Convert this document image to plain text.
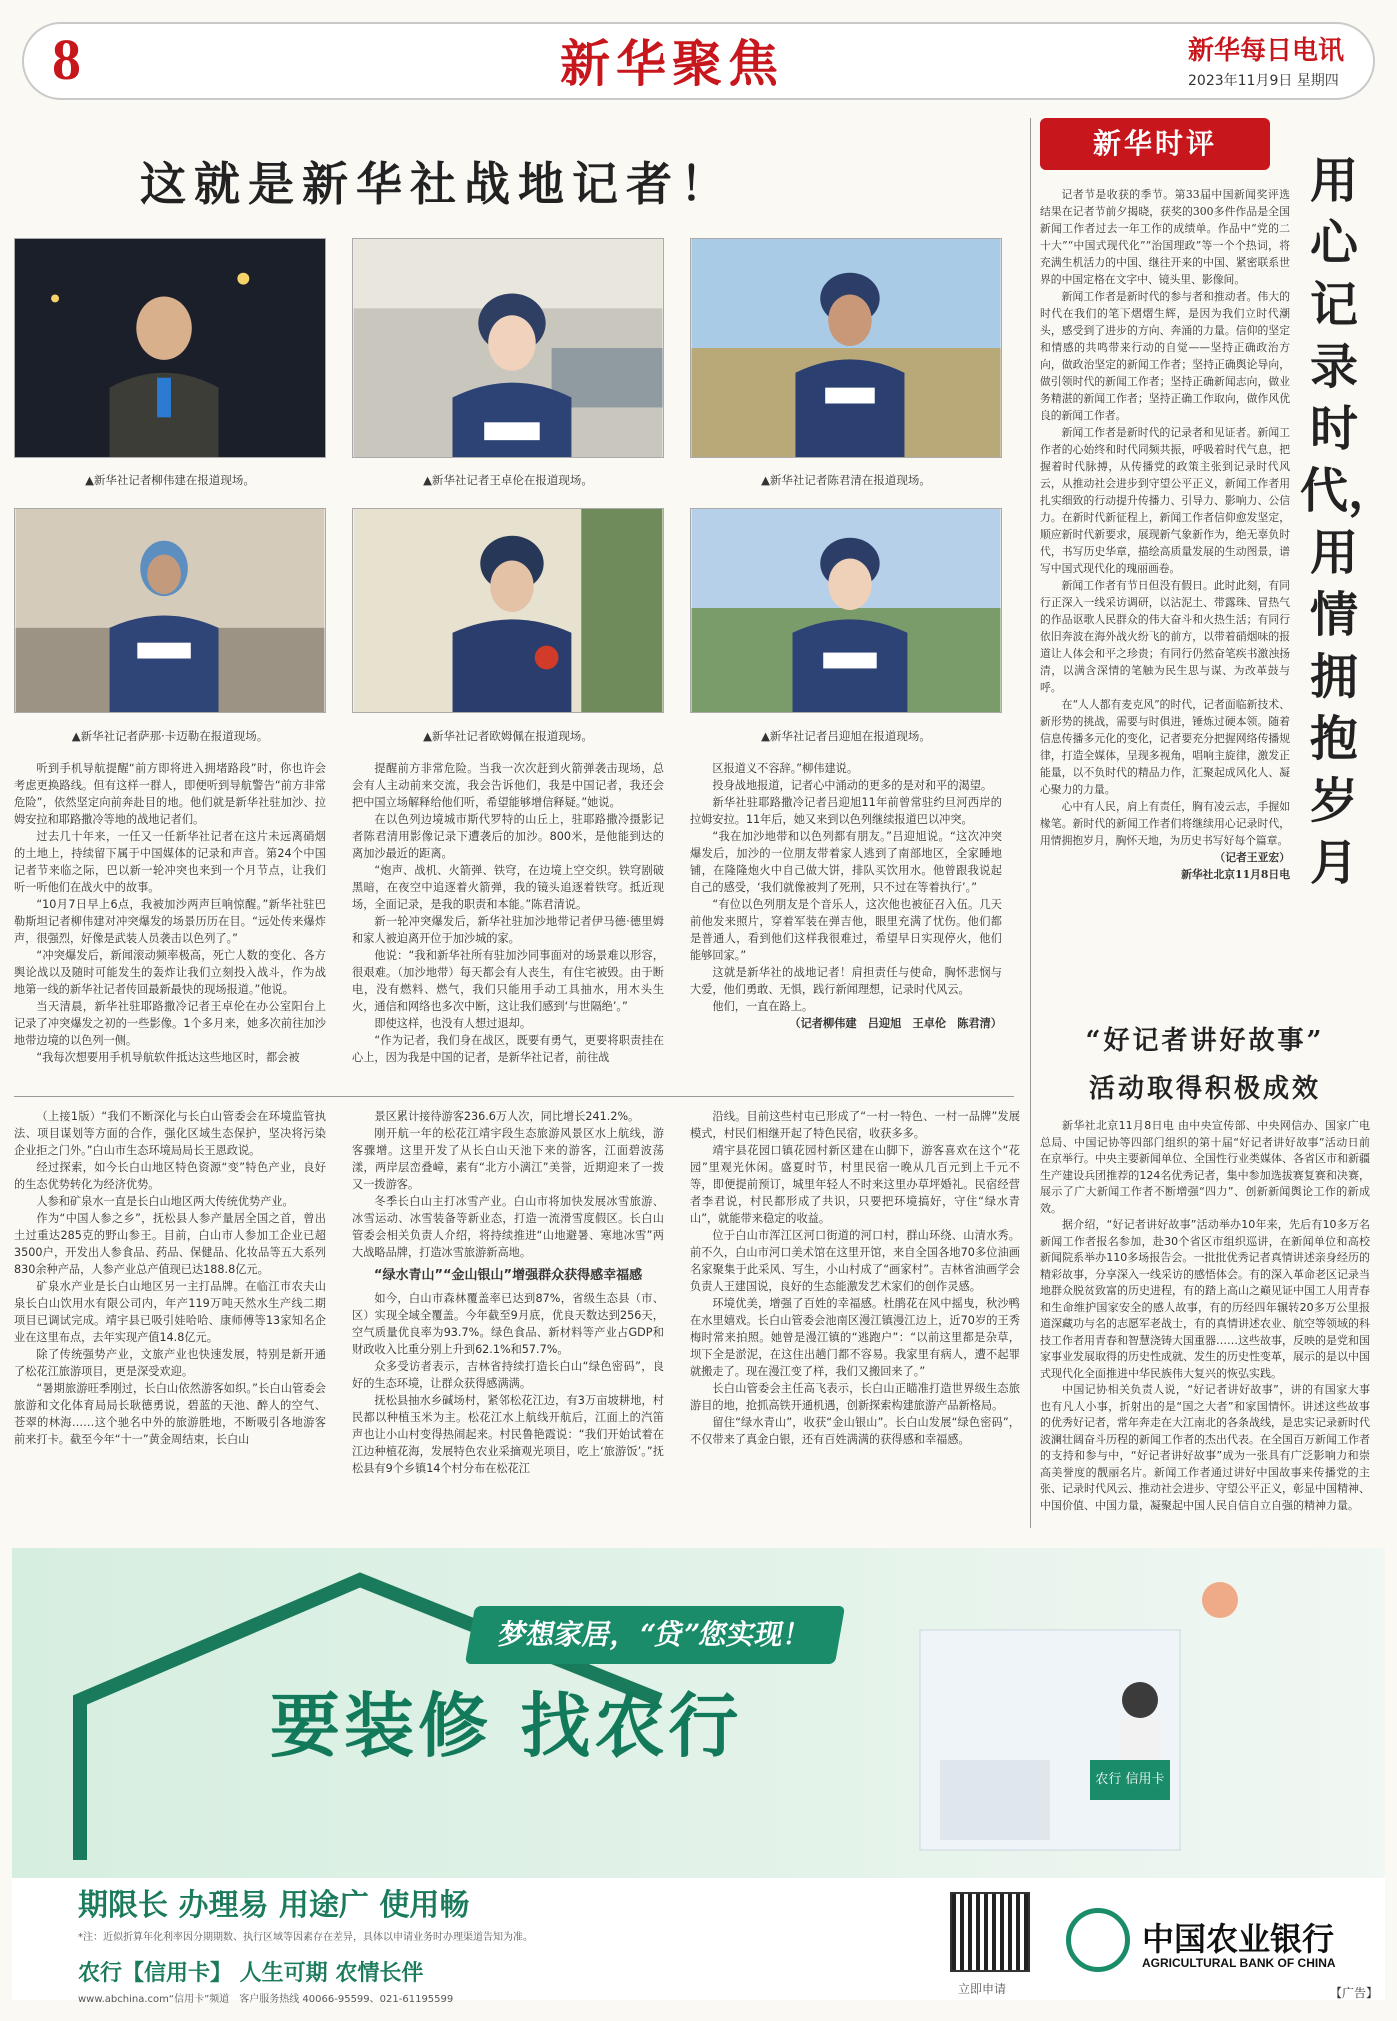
8	新华聚焦	新华每日电讯
2023年11月9日 星期四
这就是新华社战地记者！
▲新华社记者柳伟建在报道现场。	▲新华社记者王卓伦在报道现场。	▲新华社记者陈君清在报道现场。
▲新华社记者萨那·卡迈勒在报道现场。	▲新华社记者欧姆佩在报道现场。	▲新华社记者吕迎旭在报道现场。

听到手机导航提醒“前方即将进入拥堵路段”时，你也许会考虑更换路线。但有这样一群人，即便听到导航警告“前方非常危险”，依然坚定向前奔赴目的地。他们就是新华社驻加沙、拉姆安拉和耶路撒冷等地的战地记者们。

过去几十年来，一任又一任新华社记者在这片未远离硝烟的土地上，持续留下属于中国媒体的记录和声音。第24个中国记者节来临之际，巴以新一轮冲突也来到一个月节点，让我们听一听他们在战火中的故事。

“10月7日早上6点，我被加沙两声巨响惊醒。”新华社驻巴勒斯坦记者柳伟建对冲突爆发的场景历历在目。“远处传来爆炸声，很强烈，好像是武装人员袭击以色列了。”

“冲突爆发后，新闻滚动频率极高，死亡人数的变化、各方舆论战以及随时可能发生的轰炸让我们立刻投入战斗，作为战地第一线的新华社记者传回最新最快的现场报道。”他说。

当天清晨，新华社驻耶路撒冷记者王卓伦在办公室阳台上记录了冲突爆发之初的一些影像。1个多月来，她多次前往加沙地带边境的以色列一侧。

“我每次想要用手机导航软件抵达这些地区时，都会被

提醒前方非常危险。当我一次次赶到火箭弹袭击现场，总会有人主动前来交流，我会告诉他们，我是中国记者，我还会把中国立场解释给他们听，希望能够增信释疑。”她说。

在以色列边境城市斯代罗特的山丘上，驻耶路撒冷摄影记者陈君清用影像记录下遭袭后的加沙。800米，是他能到达的离加沙最近的距离。

“炮声、战机、火箭弹、铁穹，在边境上空交织。铁穹剧破黑暗，在夜空中追逐着火箭弹，我的镜头追逐着铁穹。抵近现场，全面记录，是我的职责和本能。”陈君清说。

新一轮冲突爆发后，新华社驻加沙地带记者伊马德·德里姆和家人被迫离开位于加沙城的家。

他说：“我和新华社所有驻加沙同事面对的场景难以形容，很艰难。（加沙地带）每天都会有人丧生，有住宅被毁。由于断电，没有燃料、燃气，我们只能用手动工具抽水，用木头生火，通信和网络也多次中断，这让我们感到‘与世隔绝’。”

即使这样，也没有人想过退却。

“作为记者，我们身在战区，既要有勇气，更要将职责挂在心上，因为我是中国的记者，是新华社记者，前往战

区报道义不容辞。”柳伟建说。

投身战地报道，记者心中涌动的更多的是对和平的渴望。

新华社驻耶路撒冷记者吕迎旭11年前曾常驻约旦河西岸的拉姆安拉。11年后，她又来到以色列继续报道巴以冲突。

“我在加沙地带和以色列都有朋友。”吕迎旭说。“这次冲突爆发后，加沙的一位朋友带着家人逃到了南部地区，全家睡地铺，在隆隆炮火中自己做大饼，排队买饮用水。他曾跟我说起自己的感受，‘我们就像被判了死刑，只不过在等着执行’。”

“有位以色列朋友是个音乐人，这次他也被征召入伍。几天前他发来照片，穿着军装在弹吉他，眼里充满了忧伤。他们都是普通人，看到他们这样我很难过，希望早日实现停火，他们能够回家。”

这就是新华社的战地记者！肩担责任与使命，胸怀悲悯与大爱，他们勇敢、无惧，践行新闻理想，记录时代风云。

他们，一直在路上。

（记者柳伟建　吕迎旭　王卓伦　陈君清）

新华时评
用心记录时代，用情拥抱岁月

记者节是收获的季节。第33届中国新闻奖评选结果在记者节前夕揭晓，获奖的300多件作品是全国新闻工作者过去一年工作的成绩单。作品中“党的二十大”“中国式现代化”“治国理政”等一个个热词，将充满生机活力的中国、继往开来的中国、紧密联系世界的中国定格在文字中、镜头里、影像间。

新闻工作者是新时代的参与者和推动者。伟大的时代在我们的笔下熠熠生辉，是因为我们立时代潮头，感受到了进步的方向、奔涌的力量。信仰的坚定和情感的共鸣带来行动的自觉——坚持正确政治方向，做政治坚定的新闻工作者；坚持正确舆论导向，做引领时代的新闻工作者；坚持正确新闻志向，做业务精湛的新闻工作者；坚持正确工作取向，做作风优良的新闻工作者。

新闻工作者是新时代的记录者和见证者。新闻工作者的心始终和时代同频共振，呼吸着时代气息，把握着时代脉搏，从传播党的政策主张到记录时代风云，从推动社会进步到守望公平正义，新闻工作者用扎实细致的行动提升传播力、引导力、影响力、公信力。在新时代新征程上，新闻工作者信仰愈发坚定，顺应新时代新要求，展现新气象新作为，绝无辜负时代，书写历史华章，描绘高质量发展的生动图景，谱写中国式现代化的瑰丽画卷。

新闻工作者有节日但没有假日。此时此刻，有同行正深入一线采访调研，以沾泥土、带露珠、冒热气的作品讴歌人民群众的伟大奋斗和火热生活；有同行依旧奔波在海外战火纷飞的前方，以带着硝烟味的报道让人体会和平之珍贵；有同行仍然奋笔疾书激浊扬清，以满含深情的笔触为民生思与谋、为改革鼓与呼。

在“人人都有麦克风”的时代，记者面临新技术、新形势的挑战，需要与时俱进，锤炼过硬本领。随着信息传播多元化的变化，记者要充分把握网络传播规律，打造全媒体，呈现多视角，唱响主旋律，激发正能量，以不负时代的精品力作，汇聚起成风化人、凝心聚力的力量。

心中有人民，肩上有责任，胸有凌云志，手握如椽笔。新时代的新闻工作者们将继续用心记录时代，用情拥抱岁月，胸怀天地，为历史书写好每个篇章。

（记者王亚宏）

新华社北京11月8日电

“好记者讲好故事”
活动取得积极成效

新华社北京11月8日电 由中央宣传部、中央网信办、国家广电总局、中国记协等四部门组织的第十届“好记者讲好故事”活动日前在京举行。中央主要新闻单位、全国性行业类媒体、各省区市和新疆生产建设兵团推荐的124名优秀记者，集中参加选拔赛复赛和决赛，展示了广大新闻工作者不断增强“四力”、创新新闻舆论工作的新成效。

据介绍，“好记者讲好故事”活动举办10年来，先后有10多万名新闻工作者报名参加，赴30个省区市组织巡讲，在新闻单位和高校新闻院系举办110多场报告会。一批批优秀记者真情讲述亲身经历的精彩故事，分享深入一线采访的感悟体会。有的深入革命老区记录当地群众脱贫致富的历史进程，有的踏上高山之巅见证中国工人用青春和生命维护国家安全的感人故事，有的历经四年辗转20多万公里报道深藏功与名的志愿军老战士，有的真情讲述农业、航空等领域的科技工作者用青春和智慧浇铸大国重器……这些故事，反映的是党和国家事业发展取得的历史性成就、发生的历史性变革，展示的是以中国式现代化全面推进中华民族伟大复兴的恢弘实践。

中国记协相关负责人说，“好记者讲好故事”，讲的有国家大事也有凡人小事，折射出的是“国之大者”和家国情怀。讲述这些故事的优秀好记者，常年奔走在大江南北的各条战线，是忠实记录新时代波澜壮阔奋斗历程的新闻工作者的杰出代表。在全国百万新闻工作者的支持和参与中，“好记者讲好故事”成为一张具有广泛影响力和崇高美誉度的靓丽名片。新闻工作者通过讲好中国故事来传播党的主张、记录时代风云、推动社会进步、守望公平正义，彰显中国精神、中国价值、中国力量，凝聚起中国人民自信自立自强的精神力量。

（上接1版）“我们不断深化与长白山管委会在环境监管执法、项目谋划等方面的合作，强化区域生态保护，坚决将污染企业拒之门外。”白山市生态环境局局长王恩政说。

经过探索，如今长白山地区特色资源“变”特色产业，良好的生态优势转化为经济优势。

人参和矿泉水一直是长白山地区两大传统优势产业。

作为“中国人参之乡”，抚松县人参产量居全国之首，曾出土过重达285克的野山参王。目前，白山市人参加工企业已超3500户，开发出人参食品、药品、保健品、化妆品等五大系列830余种产品，人参产业总产值现已达188.8亿元。

矿泉水产业是长白山地区另一主打品牌。在临江市农夫山泉长白山饮用水有限公司内，年产119万吨天然水生产线二期项目已调试完成。靖宇县已吸引娃哈哈、康师傅等13家知名企业在这里布点，去年实现产值14.8亿元。

除了传统强势产业，文旅产业也快速发展，特别是新开通了松花江旅游项目，更是深受欢迎。

“暑期旅游旺季刚过，长白山依然游客如织。”长白山管委会旅游和文化体育局局长耿德勇说，碧蓝的天池、醉人的空气、苍翠的林海……这个驰名中外的旅游胜地，不断吸引各地游客前来打卡。截至今年“十一”黄金周结束，长白山

景区累计接待游客236.6万人次，同比增长241.2%。

刚开航一年的松花江靖宇段生态旅游风景区水上航线，游客骤增。这里开发了从长白山天池下来的游客，江面碧波荡漾，两岸层峦叠嶂，素有“北方小漓江”美誉，近期迎来了一拨又一拨游客。

冬季长白山主打冰雪产业。白山市将加快发展冰雪旅游、冰雪运动、冰雪装备等新业态，打造一流滑雪度假区。长白山管委会相关负责人介绍，将持续推进“山地避暑、寒地冰雪”两大战略品牌，打造冰雪旅游新高地。

“绿水青山”“金山银山”增强群众获得感幸福感

如今，白山市森林覆盖率已达到87%，省级生态县（市、区）实现全域全覆盖。今年截至9月底，优良天数达到256天，空气质量优良率为93.7%。绿色食品、新材料等产业占GDP和财政收入比重分别上升到62.1%和57.7%。

众多受访者表示，吉林省持续打造长白山“绿色密码”，良好的生态环境，让群众获得感满满。

抚松县抽水乡碱场村，紧邻松花江边，有3万亩坡耕地，村民都以种植玉米为主。松花江水上航线开航后，江面上的汽笛声也让小山村变得热闹起来。村民鲁艳霞说：“我们开始试着在江边种植花海，发展特色农业采摘观光项目，吃上‘旅游饭’。”抚松县有9个乡镇14个村分布在松花江

沿线。目前这些村屯已形成了“一村一特色、一村一品牌”发展模式，村民们相继开起了特色民宿，收获多多。

靖宇县花园口镇花园村新区建在山脚下，游客喜欢在这个“花园”里观光休闲。盛夏时节，村里民宿一晚从几百元到上千元不等，即便提前预订，城里年轻人不时来这里办草坪婚礼。民宿经营者李君说，村民都形成了共识，只要把环境搞好，守住“绿水青山”，就能带来稳定的收益。

位于白山市浑江区河口街道的河口村，群山环绕、山清水秀。前不久，白山市河口美术馆在这里开馆，来自全国各地70多位油画名家聚集于此采风、写生，小山村成了“画家村”。吉林省油画学会负责人王建国说，良好的生态能激发艺术家们的创作灵感。

环境优美，增强了百姓的幸福感。杜鹃花在风中摇曳，秋沙鸭在水里嬉戏。长白山管委会池南区漫江镇漫江边上，近70岁的王秀梅时常来拍照。她曾是漫江镇的“逃跑户”：“以前这里都是杂草，坝下全是淤泥，在这住出趟门都不容易。我家里有病人，遭不起罪就搬走了。现在漫江变了样，我们又搬回来了。”

长白山管委会主任高飞表示，长白山正瞄准打造世界级生态旅游目的地，抢抓高铁开通机遇，创新探索构建旅游产品新格局。

留住“绿水青山”，收获“金山银山”。长白山发展“绿色密码”，不仅带来了真金白银，还有百姓满满的获得感和幸福感。

梦想家居，“贷”您实现！
要装修 找农行
农行 信用卡
期限长 办理易 用途广 使用畅
*注：近似折算年化利率因分期期数、执行区域等因素存在差异，具体以申请业务时办理渠道告知为准。
农行【信用卡】 人生可期 农情长伴
www.abchina.com“信用卡”频道　客户服务热线 40066-95599、021-61195599
立即申请
中国农业银行
AGRICULTURAL BANK OF CHINA
【广告】
